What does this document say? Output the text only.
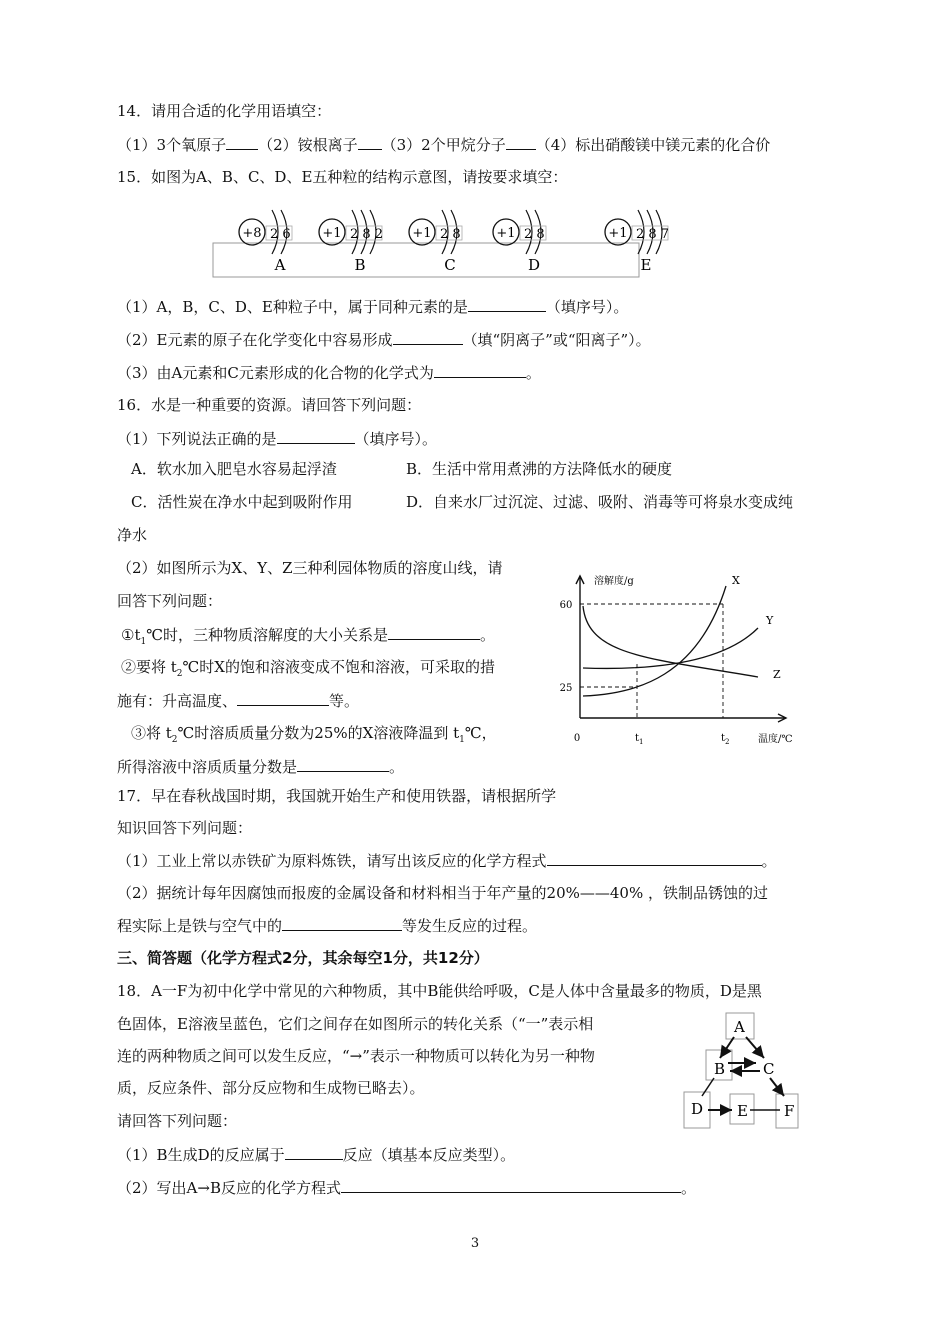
14．请用合适的化学用语填空：
（1）3个氧原子 （2）铵根离子 （3）2个甲烷分子 （4）标出硝酸镁中镁元素的化合价
15．如图为A、B、C、D、E五种粒的结构示意图，请按要求填空：
+8 2 6
A
+1 2 8 2
B
+1 2 8
C
+1 2 8
D
+1 2 8 7
E
（1）A，B，C、D、E种粒子中，属于同种元素的是	（填序号）。
（2）E元素的原子在化学变化中容易形成	（填“阴离子”或“阳离子”）。
（3）由A元素和C元素形成的化合物的化学式为	。
16．水是一种重要的资源。请回答下列问题：
（1）下列说法正确的是	（填序号）。
A．软水加入肥皂水容易起浮渣	B．生活中常用煮沸的方法降低水的硬度
C．活性炭在净水中起到吸附作用	D．自来水厂过沉淀、过滤、吸附、消毒等可将泉水变成纯
净水
（2）如图所示为X、Y、Z三种利园体物质的溶度山线，请
回答下列问题：
$①t_1℃$时，三种物质溶解度的大小关系是	。
②要将 $t_2℃$时X的饱和溶液变成不饱和溶液，可采取的措
施有：升高温度、	等。
③将 $t_2℃$时溶质质量分数为25%的X溶液降温到 $t_1℃$，
所得溶液中溶质质量分数是	。
溶解度/g
温度/℃
0
60
25
$t_1$	$t_2$
X
Y
Z
17．早在春秋战国时期，我国就开始生产和使用铁器，请根据所学
知识回答下列问题：
（1）工业上常以赤铁矿为原料炼铁，请写出该反应的化学方程式	。
（2）据统计每年因腐蚀而报废的金属设备和材料相当于年产量的20%——40% ，铁制品锈蚀的过
程实际上是铁与空气中的	等发生反应的过程。
三、简答题（化学方程式2分，其余每空1分，共12分）
18．A一F为初中化学中常见的六种物质，其中B能供给呼吸，C是人体中含量最多的物质，D是黑
色固体，E溶液呈蓝色，它们之间存在如图所示的转化关系（“一”表示相
连的两种物质之间可以发生反应，“→”表示一种物质可以转化为另一种物
质，反应条件、部分反应物和生成物已略去）。
请回答下列问题：
（1）B生成D的反应属于	反应（填基本反应类型）。
（2）写出A→B反应的化学方程式	。
A
B	C
D E F
3
